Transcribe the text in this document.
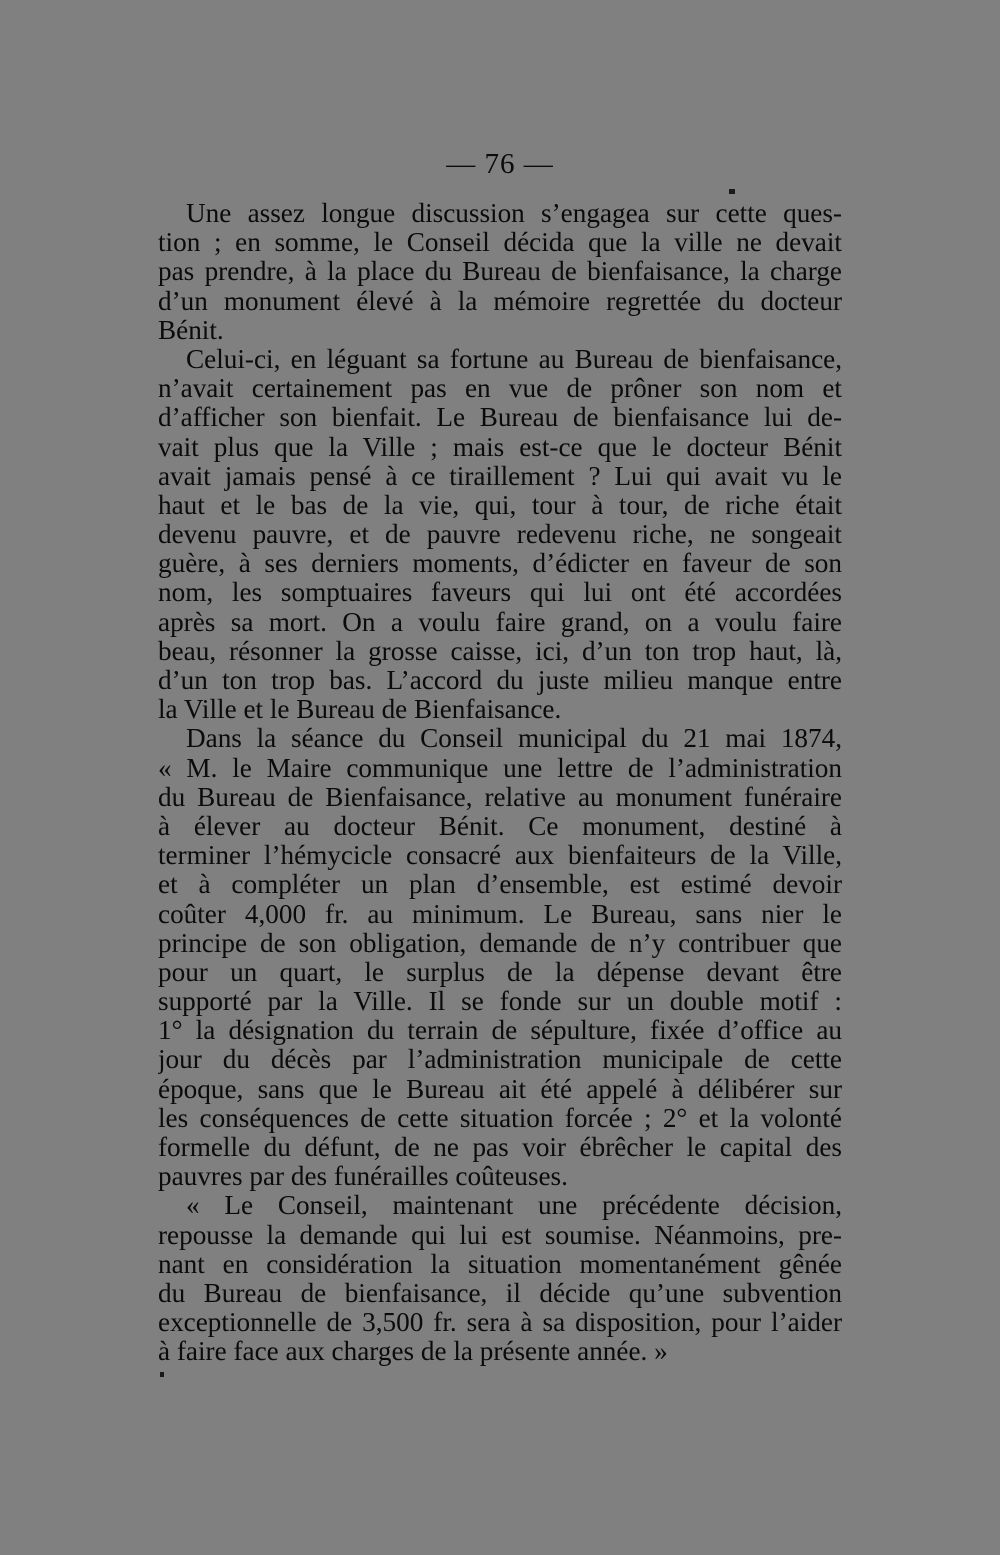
— 76 —
Une assez longue discussion s’engagea sur cette ques-
tion ; en somme, le Conseil décida que la ville ne devait
pas prendre, à la place du Bureau de bienfaisance, la charge
d’un monument élevé à la mémoire regrettée du docteur
Bénit.
Celui-ci, en léguant sa fortune au Bureau de bienfaisance,
n’avait certainement pas en vue de prôner son nom et
d’afficher son bienfait. Le Bureau de bienfaisance lui de-
vait plus que la Ville ; mais est-ce que le docteur Bénit
avait jamais pensé à ce tiraillement ? Lui qui avait vu le
haut et le bas de la vie, qui, tour à tour, de riche était
devenu pauvre, et de pauvre redevenu riche, ne songeait
guère, à ses derniers moments, d’édicter en faveur de son
nom, les somptuaires faveurs qui lui ont été accordées
après sa mort. On a voulu faire grand, on a voulu faire
beau, résonner la grosse caisse, ici, d’un ton trop haut, là,
d’un ton trop bas. L’accord du juste milieu manque entre
la Ville et le Bureau de Bienfaisance.
Dans la séance du Conseil municipal du 21 mai 1874,
« M. le Maire communique une lettre de l’administration
du Bureau de Bienfaisance, relative au monument funéraire
à élever au docteur Bénit. Ce monument, destiné à
terminer l’hémycicle consacré aux bienfaiteurs de la Ville,
et à compléter un plan d’ensemble, est estimé devoir
coûter 4,000 fr. au minimum. Le Bureau, sans nier le
principe de son obligation, demande de n’y contribuer que
pour un quart, le surplus de la dépense devant être
supporté par la Ville. Il se fonde sur un double motif :
1° la désignation du terrain de sépulture, fixée d’office au
jour du décès par l’administration municipale de cette
époque, sans que le Bureau ait été appelé à délibérer sur
les conséquences de cette situation forcée ; 2° et la volonté
formelle du défunt, de ne pas voir ébrêcher le capital des
pauvres par des funérailles coûteuses.
« Le Conseil, maintenant une précédente décision,
repousse la demande qui lui est soumise. Néanmoins, pre-
nant en considération la situation momentanément gênée
du Bureau de bienfaisance, il décide qu’une subvention
exceptionnelle de 3,500 fr. sera à sa disposition, pour l’aider
à faire face aux charges de la présente année. »
